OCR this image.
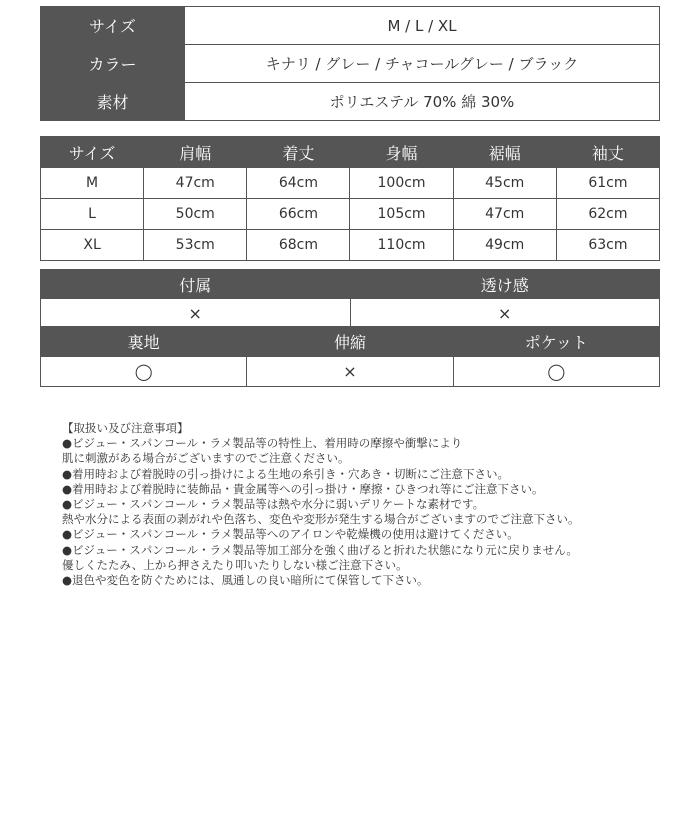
サイズ	M / L / XL
カラー	キナリ / グレー / チャコールグレー / ブラック
素材	ポリエステル 70% 綿 30%
サイズ	肩幅	着丈	身幅	裾幅	袖丈
M	47cm	64cm	100cm	45cm	61cm
L	50cm	66cm	105cm	47cm	62cm
XL	53cm	68cm	110cm	49cm	63cm
付属	透け感
×	×
裏地	伸縮	ポケット
◯	×	◯
【取扱い及び注意事項】
●ビジュー・スパンコール・ラメ製品等の特性上、着用時の摩擦や衝撃により
肌に刺激がある場合がございますのでご注意ください。
●着用時および着脱時の引っ掛けによる生地の糸引き・穴あき・切断にご注意下さい。
●着用時および着脱時に装飾品・貴金属等への引っ掛け・摩擦・ひきつれ等にご注意下さい。
●ビジュー・スパンコール・ラメ製品等は熱や水分に弱いデリケートな素材です。
熱や水分による表面の剥がれや色落ち、変色や変形が発生する場合がございますのでご注意下さい。
●ビジュー・スパンコール・ラメ製品等へのアイロンや乾燥機の使用は避けてください。
●ビジュー・スパンコール・ラメ製品等加工部分を強く曲げると折れた状態になり元に戻りません。
優しくたたみ、上から押さえたり叩いたりしない様ご注意下さい。
●退色や変色を防ぐためには、風通しの良い暗所にて保管して下さい。
